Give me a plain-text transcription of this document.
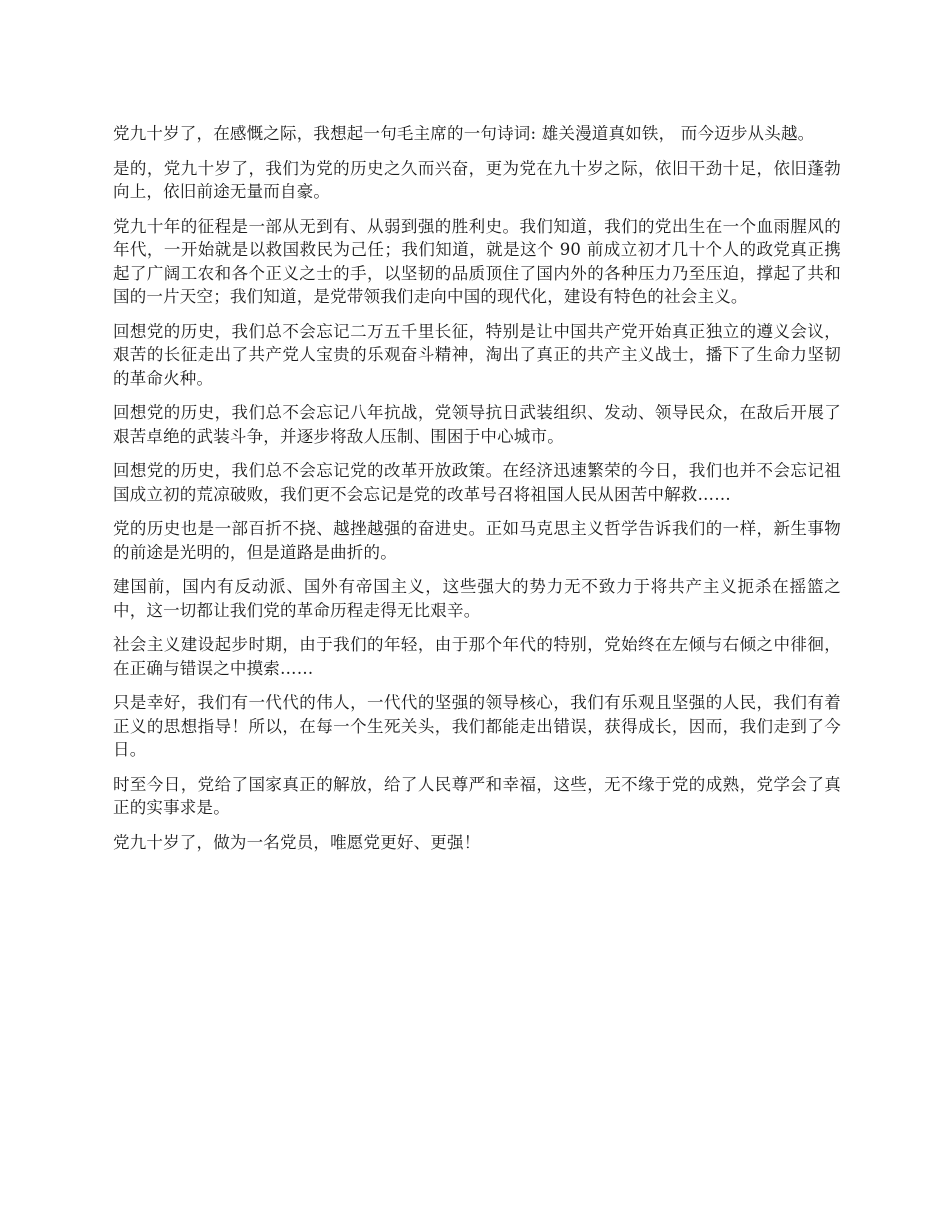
党九十岁了，在感慨之际，我想起一句毛主席的一句诗词: 雄关漫道真如铁， 而今迈步从头越。

是的，党九十岁了，我们为党的历史之久而兴奋，更为党在九十岁之际，依旧干劲十足，依旧蓬勃向上，依旧前途无量而自豪。

党九十年的征程是一部从无到有、从弱到强的胜利史。我们知道，我们的党出生在一个血雨腥风的年代，一开始就是以救国救民为己任；我们知道，就是这个 90 前成立初才几十个人的政党真正携起了广阔工农和各个正义之士的手，以坚韧的品质顶住了国内外的各种压力乃至压迫，撑起了共和国的一片天空；我们知道，是党带领我们走向中国的现代化，建设有特色的社会主义。

回想党的历史，我们总不会忘记二万五千里长征，特别是让中国共产党开始真正独立的遵义会议，艰苦的长征走出了共产党人宝贵的乐观奋斗精神，淘出了真正的共产主义战士，播下了生命力坚韧的革命火种。

回想党的历史，我们总不会忘记八年抗战，党领导抗日武装组织、发动、领导民众，在敌后开展了艰苦卓绝的武装斗争，并逐步将敌人压制、围困于中心城市。

回想党的历史，我们总不会忘记党的改革开放政策。在经济迅速繁荣的今日，我们也并不会忘记祖国成立初的荒凉破败，我们更不会忘记是党的改革号召将祖国人民从困苦中解救……

党的历史也是一部百折不挠、越挫越强的奋进史。正如马克思主义哲学告诉我们的一样，新生事物的前途是光明的，但是道路是曲折的。

建国前，国内有反动派、国外有帝国主义，这些强大的势力无不致力于将共产主义扼杀在摇篮之中，这一切都让我们党的革命历程走得无比艰辛。

社会主义建设起步时期，由于我们的年轻，由于那个年代的特别，党始终在左倾与右倾之中徘徊，在正确与错误之中摸索……

只是幸好，我们有一代代的伟人，一代代的坚强的领导核心，我们有乐观且坚强的人民，我们有着正义的思想指导！所以，在每一个生死关头，我们都能走出错误，获得成长，因而，我们走到了今日。

时至今日，党给了国家真正的解放，给了人民尊严和幸福，这些，无不缘于党的成熟，党学会了真正的实事求是。

党九十岁了，做为一名党员，唯愿党更好、更强！
